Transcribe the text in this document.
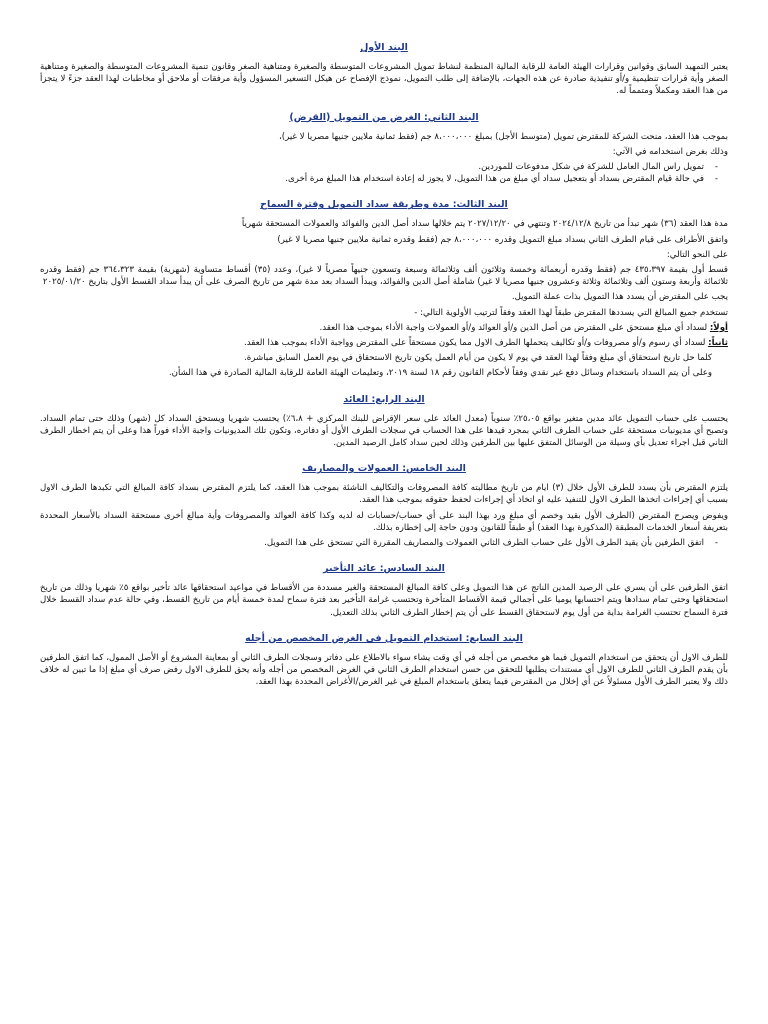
البند الأول

يعتبر التمهيد السابق وقوانين وقرارات الهيئة العامة للرقابة المالية المنظمة لنشاط تمويل المشروعات المتوسطة والصغيرة ومتناهية الصغر وقانون تنمية المشروعات المتوسطة والصغيرة ومتناهية الصغر وأية قرارات تنظيمية و/أو تنفيذية صادرة عن هذه الجهات، بالإضافة إلى طلب التمويل، نموذج الإفصاح عن هيكل التسعير المسؤول وأية مرفقات أو ملاحق أو مخاطبات لهذا العقد جزءً لا يتجزأ من هذا العقد ومكملاً ومتمماً له.

البند الثاني: الغرض من التمويل (القرض)

بموجب هذا العقد، منحت الشركة للمقترض تمويل (متوسط الأجل) بمبلغ ٨،٠٠٠،٠٠٠ جم (فقط ثمانية ملايين جنيها مصريا لا غير)،

وذلك بغرض استخدامه في الآتي:

- تمويل راس المال العامل للشركة في شكل مدفوعات للموردين.
- في حالة قيام المقترض بسداد أو بتعجيل سداد أي مبلغ من هذا التمويل، لا يجوز له إعادة استخدام هذا المبلغ مرة أخرى.
البند الثالث: مدة وطريقة سداد التمويل وفترة السماح

مدة هذا العقد (٣٦) شهر تبدأ من تاريخ ٢٠٢٤/١٢/٨ وتنتهي في ٢٠٢٧/١٢/٢٠ يتم خلالها سداد أصل الدين والفوائد والعمولات المستحقة شهرياً

واتفق الأطراف على قيام الطرف الثاني بسداد مبلغ التمويل وقدره ٨،٠٠٠،٠٠٠ جم (فقط وقدره ثمانية ملايين جنيها مصريا لا غير)

على النحو التالي:

قسط أول بقيمة ٤٣٥،٣٩٧ جم (فقط وقدره أربعمائة وخمسة وثلاثون ألف وثلاثمائة وسبعة وتسعون جنيهاً مصرياً لا غير)، وعدد (٣٥) أقساط متساوية (شهرية) بقيمة ٣٦٤،٣٢٣ جم (فقط وقدره ثلاثمائة وأربعة وستون ألف وثلاثمائة وثلاثة وعشرون جنيها مصريا لا غير) شاملة أصل الدين والفوائد، ويبدأ السداد بعد مدة شهر من تاريخ الصرف على أن يبدأ سداد القسط الأول بتاريخ ٢٠٢٥/٠١/٢٠

يجب على المقترض أن يسدد هذا التمويل بذات عملة التمويل.

تستخدم جميع المبالغ التي يسددها المقترض طبقاً لهذا العقد وفقاً لترتيب الأولوية التالي: -

أولاً: لسداد أي مبلغ مستحق على المقترض من أصل الدين و/أو العوائد و/أو العمولات واجبة الأداء بموجب هذا العقد.

ثانياً: لسداد أي رسوم و/أو مصروفات و/أو تكاليف يتحملها الطرف الاول مما يكون مستحقاً على المقترض وواجبة الأداء بموجب هذا العقد.

كلما حل تاريخ استحقاق أي مبلغ وفقاً لهذا العقد في يوم لا يكون من أيام العمل يكون تاريخ الاستحقاق في يوم العمل السابق مباشرة.

وعلى أن يتم السداد باستخدام وسائل دفع غير نقدي وفقاً لأحكام القانون رقم ١٨ لسنة ٢٠١٩، وتعليمات الهيئة العامة للرقابة المالية الصادرة في هذا الشأن.

البند الرابع: العائد

يحتسب على حساب التمويل عائد مدين متغير بواقع ٢٥،٠٥٪ سنوياً (معدل العائد على سعر الإقراض للبنك المركزي + ٦،٨٪) يحتسب شهريا ويستحق السداد كل (شهر) وذلك حتى تمام السداد. وتصبح أي مديونيات مستحقة على حساب الطرف الثاني بمجرد قيدها على هذا الحساب في سجلات الطرف الأول أو دفاتره، وتكون تلك المديونيات واجبة الأداء فوراً هذا وعلى أن يتم اخطار الطرف الثاني قبل اجراء تعديل بأي وسيلة من الوسائل المتفق عليها بين الطرفين وذلك لحين سداد كامل الرصيد المدين.

البند الخامس: العمولات والمصاريف

يلتزم المقترض بأن يسدد للطرف الأول خلال (٣) ايام من تاريخ مطالبته كافة المصروفات والتكاليف الناشئة بموجب هذا العقد، كما يلتزم المقترض بسداد كافة المبالغ التي تكبدها الطرف الاول بسبب أي إجراءات اتخذها الطرف الاول للتنفيذ عليه او اتخاذ أي إجراءات لحفظ حقوقه بموجب هذا العقد.

ويفوض ويصرح المقترض (الطرف الأول بقيد وخصم أي مبلغ ورد بهذا البند على أي حساب/حسابات له لديه وكذا كافة العوائد والمصروفات وأية مبالغ أخرى مستحقة السداد بالأسعار المحددة بتعريفة أسعار الخدمات المطبقة (المذكورة بهذا العقد) أو طبقاً للقانون ودون حاجة إلى إخطاره بذلك.

- اتفق الطرفين بأن يقيد الطرف الأول على حساب الطرف الثاني العمولات والمصاريف المقررة التي تستحق على هذا التمويل.
البند السادس: عائد التأخير

اتفق الطرفين على أن يسري على الرصيد المدين الناتج عن هذا التمويل وعلى كافة المبالغ المستحقة والغير مسددة من الأقساط في مواعيد استحقاقها عائد تأخير بواقع ٥٪ شهريا وذلك من تاريخ استحقاقها وحتى تمام سدادها ويتم احتسابها يوميا على أجمالي قيمة الأقساط المتأخرة وتحتسب غرامة التأخير بعد فترة سماح لمدة خمسة أيام من تاريخ القسط، وفي حالة عدم سداد القسط خلال فترة السماح تحتسب الغرامة بداية من أول يوم لاستحقاق القسط على أن يتم إخطار الطرف الثاني بذلك التعديل.

البند السابع: استخدام التمويل في الغرض المخصص من أجله

للطرف الاول أن يتحقق من استخدام التمويل فيما هو مخصص من أجله في أي وقت يشاء سواء بالاطلاع على دفاتر وسجلات الطرف الثاني أو بمعاينة المشروع أو الأصل الممول، كما اتفق الطرفين بأن يقدم الطرف الثاني للطرف الاول أي مستندات يطلبها للتحقق من حسن استخدام الطرف الثاني في الغرض المخصص من أجله وأنه يحق للطرف الاول رفض صرف أي مبلغ إذا ما تبين له خلاف ذلك ولا يعتبر الطرف الأول مسئولاً عن أي إخلال من المقترض فيما يتعلق باستخدام المبلغ في غير الغرض/الأغراض المحددة بهذا العقد.
